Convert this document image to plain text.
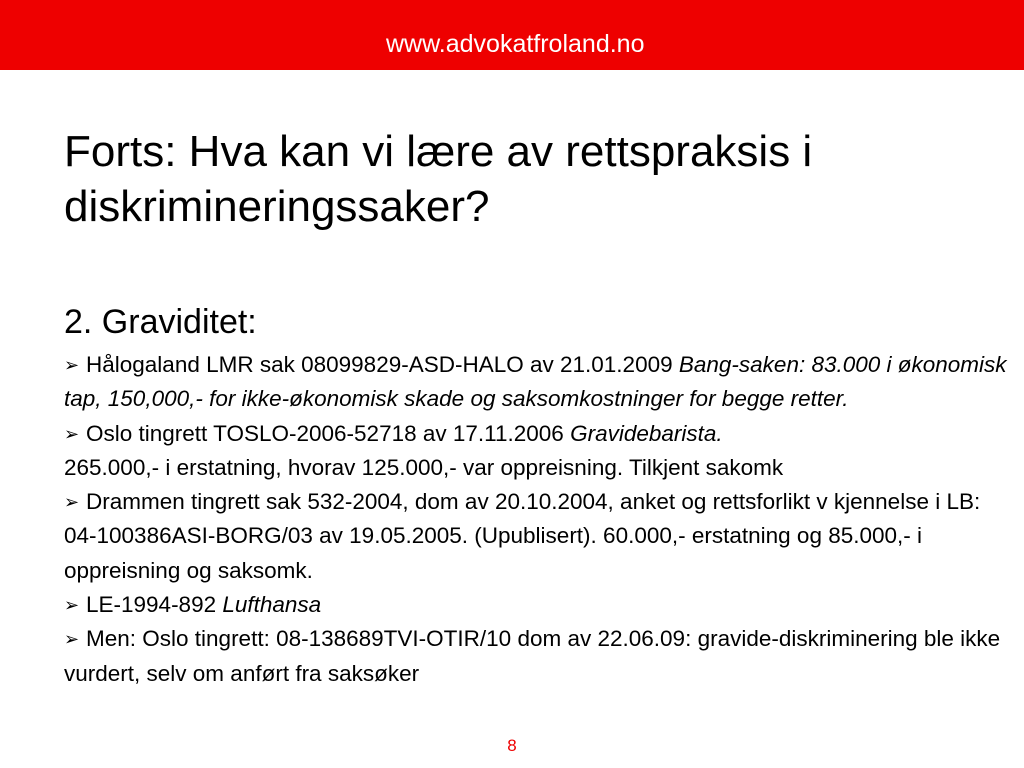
www.advokatfroland.no
Forts: Hva kan vi lære av rettspraksis i diskrimineringssaker?
2. Graviditet:

➢ Hålogaland LMR sak 08099829-ASD-HALO av 21.01.2009 Bang-saken: 83.000 i økonomisk tap, 150,000,- for ikke-økonomisk skade og saksomkostninger for begge retter.

➢ Oslo tingrett TOSLO-2006-52718 av 17.11.2006 Gravidebarista. 265.000,- i erstatning, hvorav 125.000,- var oppreisning. Tilkjent sakomk

➢ Drammen tingrett sak 532-2004, dom av 20.10.2004, anket og rettsforlikt v kjennelse i LB: 04-100386ASI-BORG/03 av 19.05.2005. (Upublisert). 60.000,- erstatning og 85.000,- i oppreisning og saksomk.

➢ LE-1994-892 Lufthansa

➢ Men: Oslo tingrett: 08-138689TVI-OTIR/10 dom av 22.06.09: gravide-diskriminering ble ikke vurdert, selv om anført fra saksøker

8
